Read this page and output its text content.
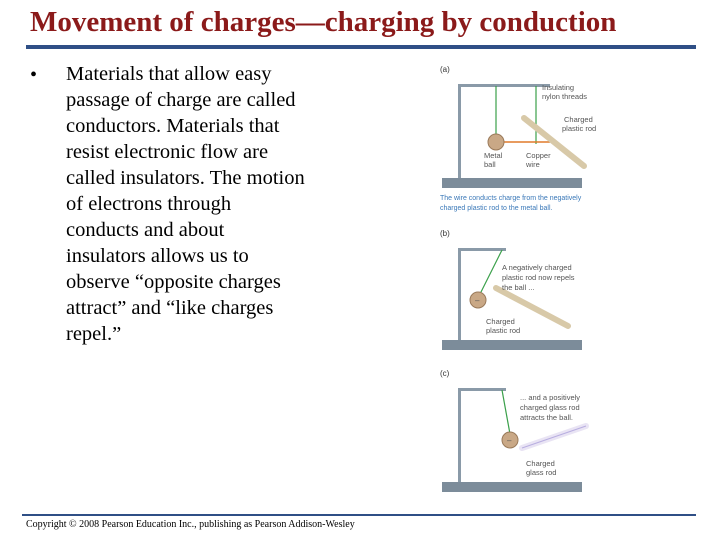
Movement of charges—charging by conduction
• Materials that allow easy passage of charge are called conductors. Materials that resist electronic flow are called insulators. The motion of electrons through conducts and about insulators allows us to observe “opposite charges attract” and “like charges repel.”
(a)
Insulating
nylon threads
Charged
plastic rod
Metal
ball
Copper
wire
The wire conducts charge from the negatively
charged plastic rod to the metal ball.
(b)
–
A negatively charged
plastic rod now repels
the ball ...
Charged
plastic rod
(c)
–
... and a positively
charged glass rod
attracts the ball.
Charged
glass rod
Copyright © 2008 Pearson Education Inc., publishing as Pearson Addison-Wesley
